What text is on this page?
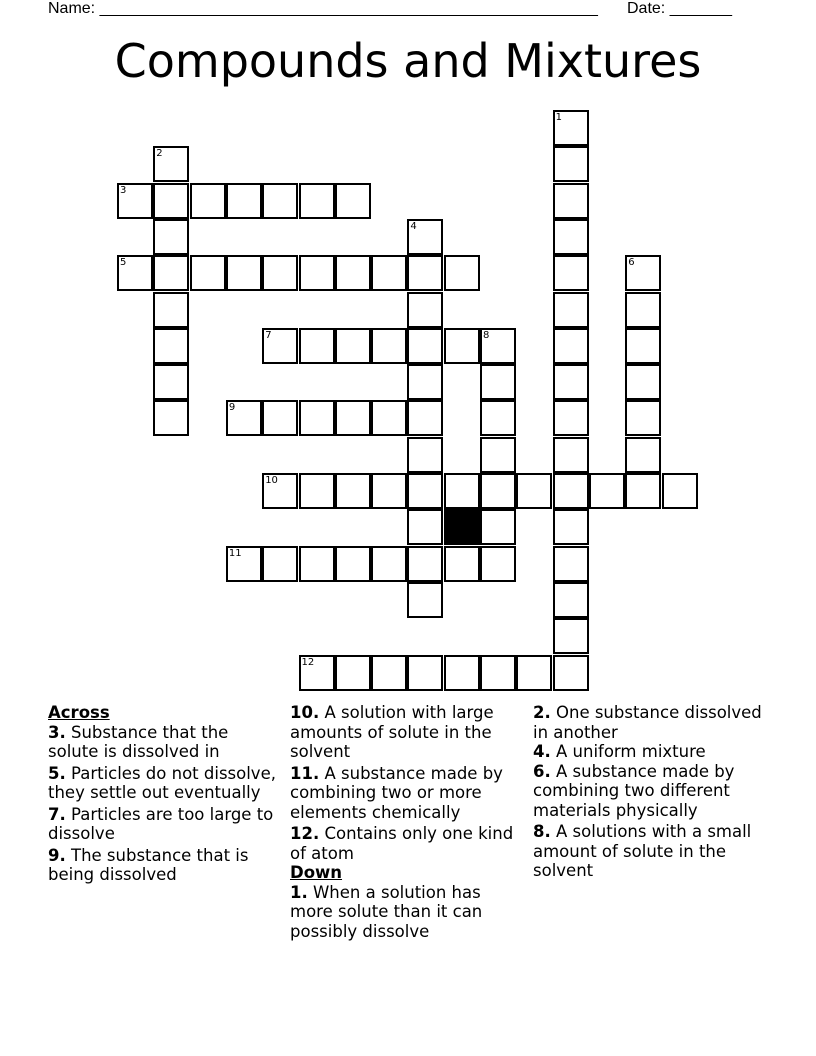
Name: ________________________________________________________ Date: _______
Compounds and Mixtures
1
2
3
4
5	6
7	8
9
10
11
12

Across

3. Substance that the solute is dissolved in

5. Particles do not dissolve, they settle out eventually

7. Particles are too large to dissolve

9. The substance that is being dissolved

10. A solution with large amounts of solute in the solvent

11. A substance made by combining two or more elements chemically

12. Contains only one kind of atom

Down

1. When a solution has more solute than it can possibly dissolve

2. One substance dissolved in another

4. A uniform mixture

6. A substance made by combining two different materials physically

8. A solutions with a small amount of solute in the solvent
